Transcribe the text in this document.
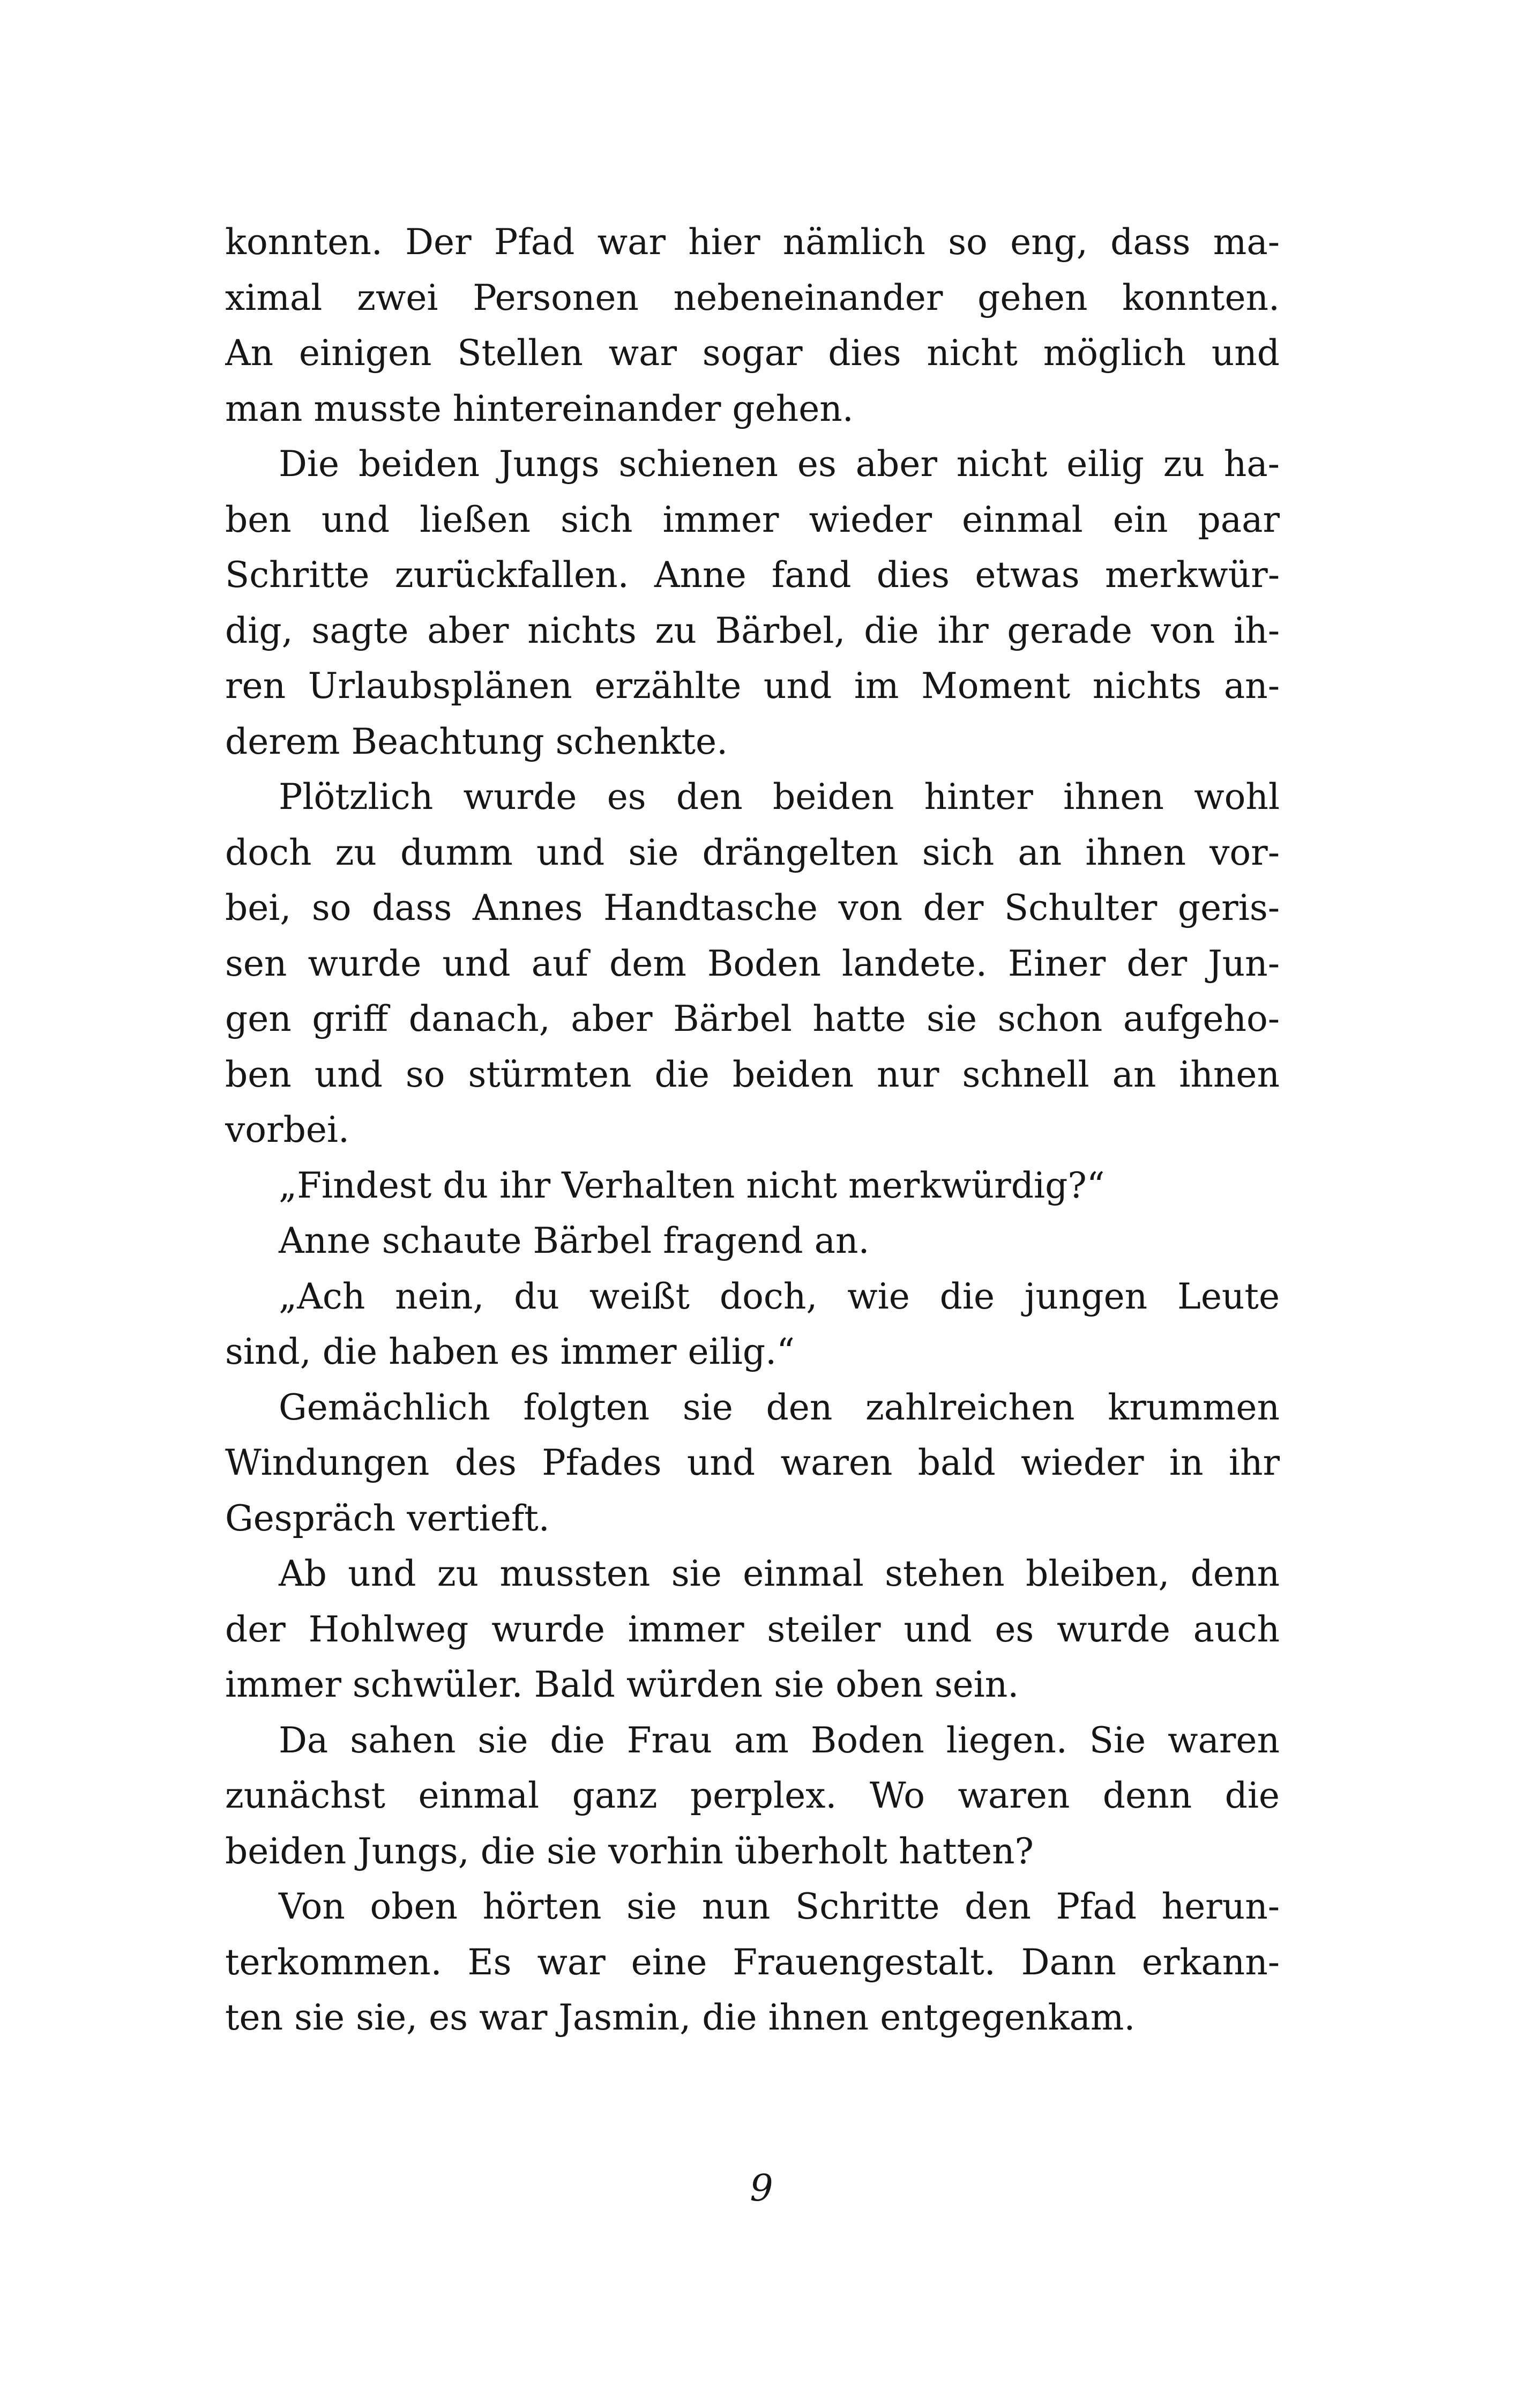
konnten. Der Pfad war hier nämlich so eng, dass ma-
ximal zwei Personen nebeneinander gehen konnten.
An einigen Stellen war sogar dies nicht möglich und
man musste hintereinander gehen.
Die beiden Jungs schienen es aber nicht eilig zu ha-
ben und ließen sich immer wieder einmal ein paar
Schritte zurückfallen. Anne fand dies etwas merkwür-
dig, sagte aber nichts zu Bärbel, die ihr gerade von ih-
ren Urlaubsplänen erzählte und im Moment nichts an-
derem Beachtung schenkte.
Plötzlich wurde es den beiden hinter ihnen wohl
doch zu dumm und sie drängelten sich an ihnen vor-
bei, so dass Annes Handtasche von der Schulter geris-
sen wurde und auf dem Boden landete. Einer der Jun-
gen griff danach, aber Bärbel hatte sie schon aufgeho-
ben und so stürmten die beiden nur schnell an ihnen
vorbei.
„Findest du ihr Verhalten nicht merkwürdig?“
Anne schaute Bärbel fragend an.
„Ach nein, du weißt doch, wie die jungen Leute
sind, die haben es immer eilig.“
Gemächlich folgten sie den zahlreichen krummen
Windungen des Pfades und waren bald wieder in ihr
Gespräch vertieft.
Ab und zu mussten sie einmal stehen bleiben, denn
der Hohlweg wurde immer steiler und es wurde auch
immer schwüler. Bald würden sie oben sein.
Da sahen sie die Frau am Boden liegen. Sie waren
zunächst einmal ganz perplex. Wo waren denn die
beiden Jungs, die sie vorhin überholt hatten?
Von oben hörten sie nun Schritte den Pfad herun-
terkommen. Es war eine Frauengestalt. Dann erkann-
ten sie sie, es war Jasmin, die ihnen entgegenkam.
9
